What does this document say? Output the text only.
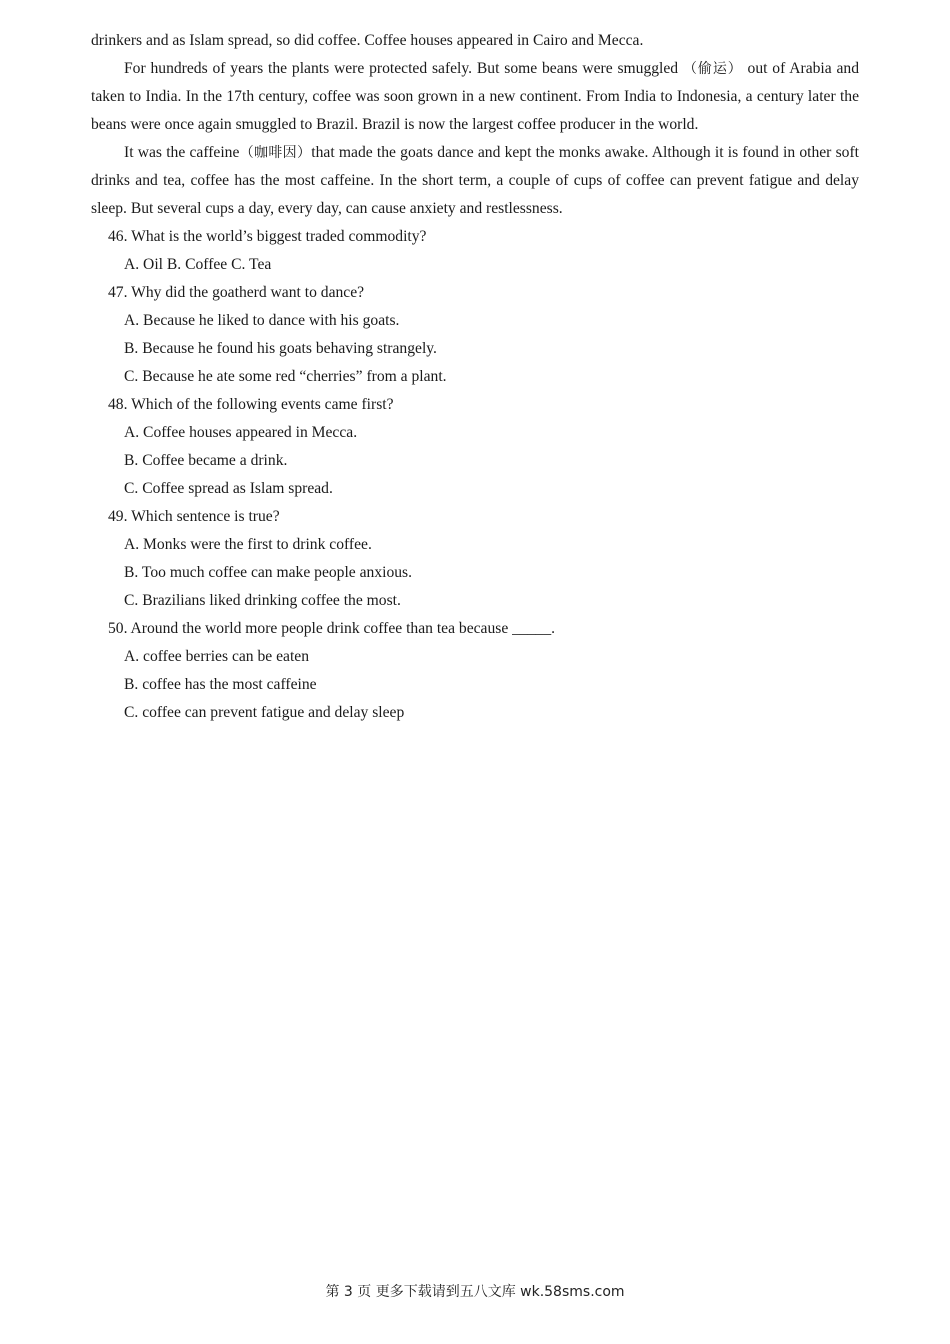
drinkers and as Islam spread, so did coffee. Coffee houses appeared in Cairo and Mecca.

For hundreds of years the plants were protected safely. But some beans were smuggled （偷运） out of Arabia and taken to India. In the 17th century, coffee was soon grown in a new continent. From India to Indonesia, a century later the beans were once again smuggled to Brazil. Brazil is now the largest coffee producer in the world.

It was the caffeine（咖啡因）that made the goats dance and kept the monks awake. Although it is found in other soft drinks and tea, coffee has the most caffeine. In the short term, a couple of cups of coffee can prevent fatigue and delay sleep. But several cups a day, every day, can cause anxiety and restlessness.

46. What is the world’s biggest traded commodity?

A. Oil B. Coffee C. Tea

47. Why did the goatherd want to dance?

A. Because he liked to dance with his goats.

B. Because he found his goats behaving strangely.

C. Because he ate some red “cherries” from a plant.

48. Which of the following events came first?

A. Coffee houses appeared in Mecca.

B. Coffee became a drink.

C. Coffee spread as Islam spread.

49. Which sentence is true?

A. Monks were the first to drink coffee.

B. Too much coffee can make people anxious.

C. Brazilians liked drinking coffee the most.

50. Around the world more people drink coffee than tea because _____.

A. coffee berries can be eaten

B. coffee has the most caffeine

C. coffee can prevent fatigue and delay sleep

第 3 页 更多下载请到五八文库 wk.58sms.com
